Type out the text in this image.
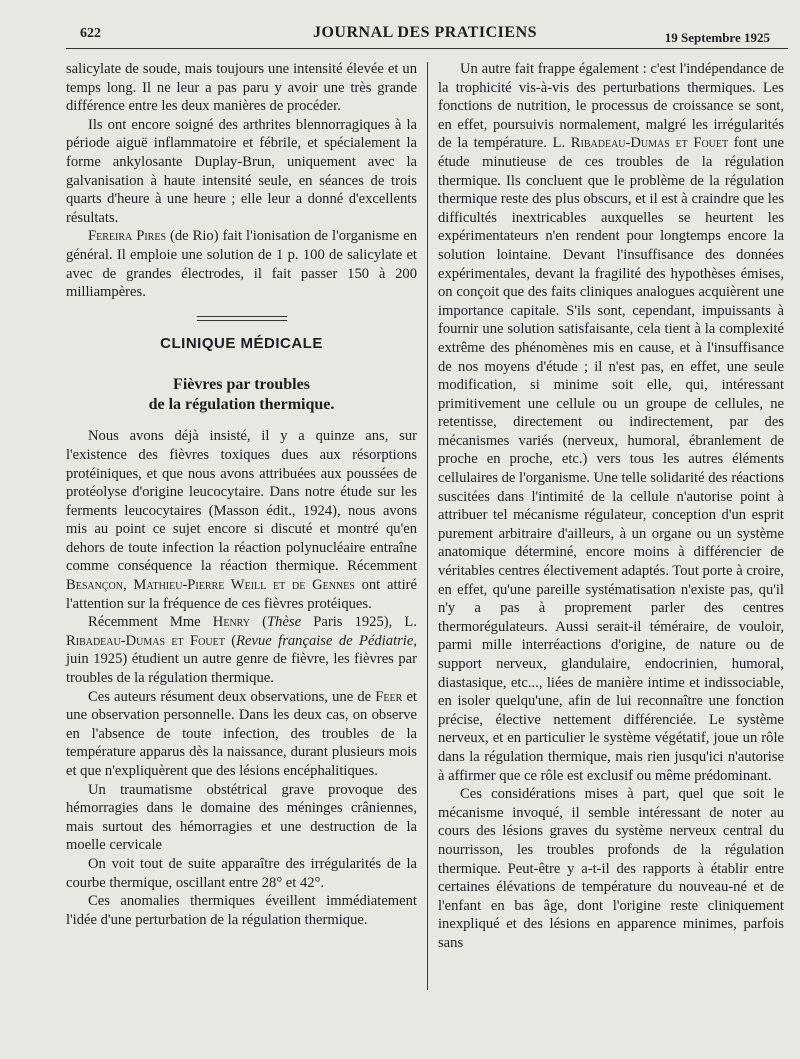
622	JOURNAL DES PRATICIENS	19 Septembre 1925

salicylate de soude, mais toujours une intensité élevée et un temps long. Il ne leur a pas paru y avoir une très grande différence entre les deux manières de procéder.

Ils ont encore soigné des arthrites blennorragiques à la période aiguë inflammatoire et fébrile, et spécialement la forme ankylosante Duplay-Brun, uniquement avec la galvanisation à haute intensité seule, en séances de trois quarts d'heure à une heure ; elle leur a donné d'excellents résultats.

Fereira Pires (de Rio) fait l'ionisation de l'organisme en général. Il emploie une solution de 1 p. 100 de salicylate et avec de grandes électrodes, il fait passer 150 à 200 milliampères.

CLINIQUE MÉDICALE
Fièvres par troubles
de la régulation thermique.

Nous avons déjà insisté, il y a quinze ans, sur l'existence des fièvres toxiques dues aux résorptions protéiniques, et que nous avons attribuées aux poussées de protéolyse d'origine leucocytaire. Dans notre étude sur les ferments leucocytaires (Masson édit., 1924), nous avons mis au point ce sujet encore si discuté et montré qu'en dehors de toute infection la réaction polynucléaire entraîne comme conséquence la réaction thermique. Récemment Besançon, Mathieu-Pierre Weill et de Gennes ont attiré l'attention sur la fréquence de ces fièvres protéiques.

Récemment Mme Henry (Thèse Paris 1925), L. Ribadeau-Dumas et Fouet (Revue française de Pédiatrie, juin 1925) étudient un autre genre de fièvre, les fièvres par troubles de la régulation thermique.

Ces auteurs résument deux observations, une de Feer et une observation personnelle. Dans les deux cas, on observe en l'absence de toute infection, des troubles de la température apparus dès la naissance, durant plusieurs mois et que n'expliquèrent que des lésions encéphalitiques.

Un traumatisme obstétrical grave provoque des hémorragies dans le domaine des méninges crâniennes, mais surtout des hémorragies et une destruction de la moelle cervicale

On voit tout de suite apparaître des irrégularités de la courbe thermique, oscillant entre 28° et 42°.

Ces anomalies thermiques éveillent immédiatement l'idée d'une perturbation de la régulation thermique.

Un autre fait frappe également : c'est l'indépendance de la trophicité vis-à-vis des perturbations thermiques. Les fonctions de nutrition, le processus de croissance se sont, en effet, poursuivis normalement, malgré les irrégularités de la température. L. Ribadeau-Dumas et Fouet font une étude minutieuse de ces troubles de la régulation thermique. Ils concluent que le problème de la régulation thermique reste des plus obscurs, et il est à craindre que les difficultés inextricables auxquelles se heurtent les expérimentateurs n'en rendent pour longtemps encore la solution lointaine. Devant l'insuffisance des données expérimentales, devant la fragilité des hypothèses émises, on conçoit que des faits cliniques analogues acquièrent une importance capitale. S'ils sont, cependant, impuissants à fournir une solution satisfaisante, cela tient à la complexité extrême des phénomènes mis en cause, et à l'insuffisance de nos moyens d'étude ; il n'est pas, en effet, une seule modification, si minime soit elle, qui, intéressant primitivement une cellule ou un groupe de cellules, ne retentisse, directement ou indirectement, par des mécanismes variés (nerveux, humoral, ébranlement de proche en proche, etc.) vers tous les autres éléments cellulaires de l'organisme. Une telle solidarité des réactions suscitées dans l'intimité de la cellule n'autorise point à attribuer tel mécanisme régulateur, conception d'un esprit purement arbitraire d'ailleurs, à un organe ou un système anatomique déterminé, encore moins à différencier de véritables centres électivement adaptés. Tout porte à croire, en effet, qu'une pareille systématisation n'existe pas, qu'il n'y a pas à proprement parler des centres thermorégulateurs. Aussi serait-il téméraire, de vouloir, parmi mille interréactions d'origine, de nature ou de support nerveux, glandulaire, endocrinien, humoral, diastasique, etc..., liées de manière intime et indissociable, en isoler quelqu'une, afin de lui reconnaître une fonction précise, élective nettement différenciée. Le système nerveux, et en particulier le système végétatif, joue un rôle dans la régulation thermique, mais rien jusqu'ici n'autorise à affirmer que ce rôle est exclusif ou même prédominant.

Ces considérations mises à part, quel que soit le mécanisme invoqué, il semble intéressant de noter au cours des lésions graves du système nerveux central du nourrisson, les troubles profonds de la régulation thermique. Peut-être y a-t-il des rapports à établir entre certaines élévations de température du nouveau-né et de l'enfant en bas âge, dont l'origine reste cliniquement inexpliqué et des lésions en apparence minimes, parfois sans
